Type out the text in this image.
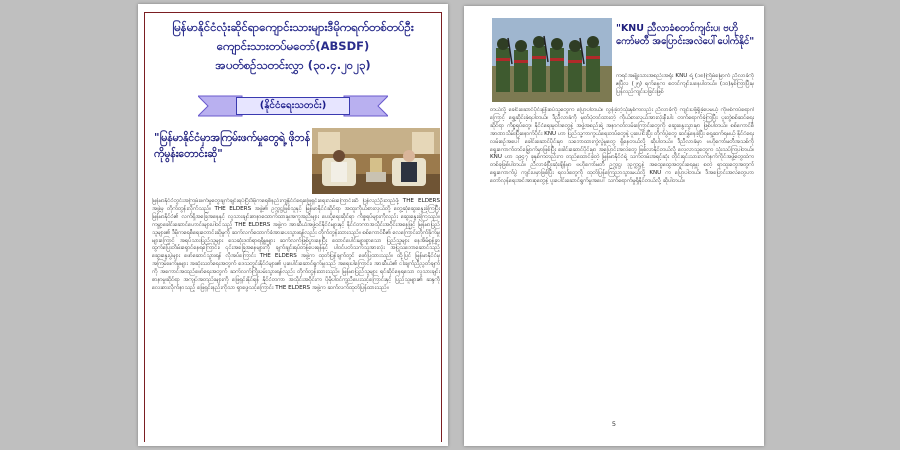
မြန်မာနိုင်ငံလုံးဆိုင်ရာကျောင်းသားများဒီမိုကရက်တစ်တပ်ဦး
ကျောင်းသားတပ်မတော်(ABSDF)
အပတ်စဉ်သတင်းလွှာ (၃၀.၄.၂၀၂၃)
(နိုင်ငံရေးသတင်း)
"မြန်မာနိုင်ငံမှာအကြမ်းဖက်မှုတွေရဲ့ ဖိုဘန်ကိုမွန်းတောင်းဆို"
မြန်မာနိုင်ငံတွင်းအကြမ်းဖက်မှုတွေချက်ချင်းရပ်ပြီးဒီမိုကရေစီနည်းကျနိုင်ငံရေးဖြေရှင်းရေးလမ်းကြောင်းဆီ ပြန်လည်ဦးတည်ဖို့ THE ELDERS အဖွဲ့မှ တိုက်တွန်းလိုက်သည်။ THE ELDERS အဖွဲ့၏ ဥက္ကဋ္ဌဖြစ်သူနှင့် မြန်မာနိုင်ငံဆိုင်ရာ အထူးကိုယ်စားလှယ်တို့ တွေ့ဆုံဆွေးနွေးခဲ့ကြပြီး မြန်မာနိုင်ငံ၏ လက်ရှိအခြေအနေနှင့် လူသားချင်းစာနာထောက်ထားမှုအကူအညီများ ပေးပို့ရေးဆိုင်ရာ ကိစ္စရပ်များကိုလည်း ဆွေးနွေးခဲ့ကြသည်။ ကမ္ဘာ့ခေါင်းဆောင်ဟောင်းများပါဝင်သည့် THE ELDERS အဖွဲ့က အာဆီယံအဖွဲ့ဝင်နိုင်ငံများနှင့် နိုင်ငံတကာအသိုင်းအဝိုင်းအနေဖြင့် မြန်မာပြည်သူများ၏ ဒီမိုကရေစီရေးတောင်းဆိုမှုကို ဆက်လက်ထောက်ခံအားပေးသွားရန်လည်း တိုက်တွန်းထားသည်။ စစ်ကောင်စီ၏ လေကြောင်းတိုက်ခိုက်မှုများကြောင့် အရပ်သားပြည်သူများ သေဆုံးဒဏ်ရာရရှိမှုများ ဆက်လက်ဖြစ်ပွားနေပြီး ထောင်ပေါင်းများစွာသော ပြည်သူများ နေအိမ်စွန့်ခွာ ထွက်ပြေးတိမ်းရှောင်နေရကြောင်း၊ ၎င်းအခြေအနေများကို ချက်ချင်းရပ်တန့်ပေးရန်နှင့် ပါဝင်ပတ်သက်သူအားလုံး အပြုသဘောဆောင်သည့် ဆွေးနွေးပွဲများ ဖော်ဆောင်သွားရန် လိုအပ်ကြောင်း THE ELDERS အဖွဲ့က ထုတ်ပြန်ချက်တွင် ဖော်ပြထားသည်။ ထို့ပြင် မြန်မာနိုင်ငံမှ အကြမ်းဖက်မှုများ အဆုံးသတ်ရေးအတွက် ဒေသတွင်းနိုင်ငံများ၏ ပူးပေါင်းဆောင်ရွက်မှုသည် အရေးပါကြောင်း၊ အာဆီယံ၏ ငါးချက်ညီညွတ်ချက်ကို အကောင်အထည်ဖော်ရေးအတွက် ဆက်လက်ကြိုးပမ်းသွားရန်လည်း တိုက်တွန်းထားသည်။ မြန်မာပြည်သူများ ရင်ဆိုင်နေရသော လူသားချင်းစာနာမှုဆိုင်ရာ အကျပ်အတည်းများကို ဖြေရှင်းနိုင်ရန် နိုင်ငံတကာ အသိုင်းအဝိုင်းက ပိုမိုပါဝင်ကူညီပေးသင့်ကြောင်းနှင့် ပြည်သူများ၏ ဆန္ဒကို လေးစားလိုက်နာသည့် ဖြေရှင်းနည်းကိုသာ ရှာဖွေသင့်ကြောင်း THE ELDERS အဖွဲ့က ဆက်လက်ထုတ်ပြန်ထားသည်။
"KNU ညီလာခံစတင်ကျင်းပ၊ ဗဟိုကော်မတီ အပြောင်းအလဲပေါ်ပေါက်နိုင်"
ကရင်အမျိုးသားအစည်းအရုံး KNU ရဲ့ (၁၈)ကြိမ်မြောက် ညီလာခံကို ဧပြီလ (၂၅) ရက်နေ့က စတင်ကျင်းပနေပါတယ်။ (၁၀)နှစ်ကြာပြီးမှ ပြန်လည်ကျင်းပခြင်းဖြစ်
တယ်လို့ ခေါင်းဆောင်ပိုင်းနဲ့နီးစပ်သူတွေက ပြောပါတယ်။ လွန်ခဲ့တဲ့သုံးနှစ်ကလည်း ညီလာခံကို ကျင်းပဖို့ရှိခဲ့ပေမယ့် ကိုဗစ်ကပ်ရောဂါကြောင့် ရွှေ့ဆိုင်းခဲ့ရပါတယ်။ ဒီညီလာခံကို မှတ်ပုံတင်ထားတဲ့ ကိုယ်စားလှယ်အားလုံးနီးပါး တက်ရောက်ခဲ့ကြပြီး ပူးတွဲစစ်ဆင်ရေးဆိုင်ရာ ကိစ္စရပ်တွေ၊ နိုင်ငံရေးမူဝါဒတွေနဲ့ အဖွဲ့အစည်းရဲ့ အနာဂတ်လမ်းကြောင်းတွေကို ဆွေးနွေးသွားမှာ ဖြစ်ပါတယ်။ စစ်ကောင်စီအာဏာသိမ်းပြီးနောက်ပိုင်း KNU ဟာ ပြည်သူ့ကာကွယ်ရေးတပ်တွေနဲ့ ပူးပေါင်းပြီး တိုက်ပွဲတွေ ဆင်နွှဲနေခဲ့ပြီး ရှေ့ဆက်ရမယ့် နိုင်ငံရေးလမ်းစဉ်အပေါ် ခေါင်းဆောင်ပိုင်းမှာ သဘောထားကွဲလွဲမှုတွေ ရှိနေတယ်လို့ ဆိုပါတယ်။ ဒီညီလာခံမှာ ဗဟိုကော်မတီအသစ်ကို ရွေးကောက်တင်မြှောက်မှာဖြစ်ပြီး ခေါင်းဆောင်ပိုင်းမှာ အပြောင်းအလဲတွေ ဖြစ်လာနိုင်တယ်လို့ လေ့လာသူတွေက သုံးသပ်ကြပါတယ်။ KNU ဟာ ၁၉၄၇ ခုနှစ်ကတည်းက တည်ထောင်ခဲ့တဲ့ မြန်မာနိုင်ငံရဲ့ သက်တမ်းအရင့်ဆုံး တိုင်းရင်းသားလက်နက်ကိုင်အဖွဲ့တွေထဲက တစ်ခုဖြစ်ပါတယ်။ ညီလာခံပြီးဆုံးချိန်မှာ ဗဟိုကော်မတီ ဥက္ကဋ္ဌ၊ ဒုဥက္ကဋ္ဌနဲ့ အထွေထွေအတွင်းရေးမှူး စတဲ့ ရာထူးတွေအတွက် ရွေးကောက်ပွဲ ကျင်းပမှာဖြစ်ပြီး ရလဒ်တွေကို ထုတ်ပြန်ကြေညာသွားမယ်လို့ KNU က ပြောပါတယ်။ ဒီအပြောင်းအလဲတွေဟာ တော်လှန်ရေးအင်အားစုတွေနဲ့ ပူးပေါင်းဆောင်ရွက်မှုအပေါ် သက်ရောက်မှုရှိနိုင်တယ်လို့ ဆိုပါတယ်။
5
